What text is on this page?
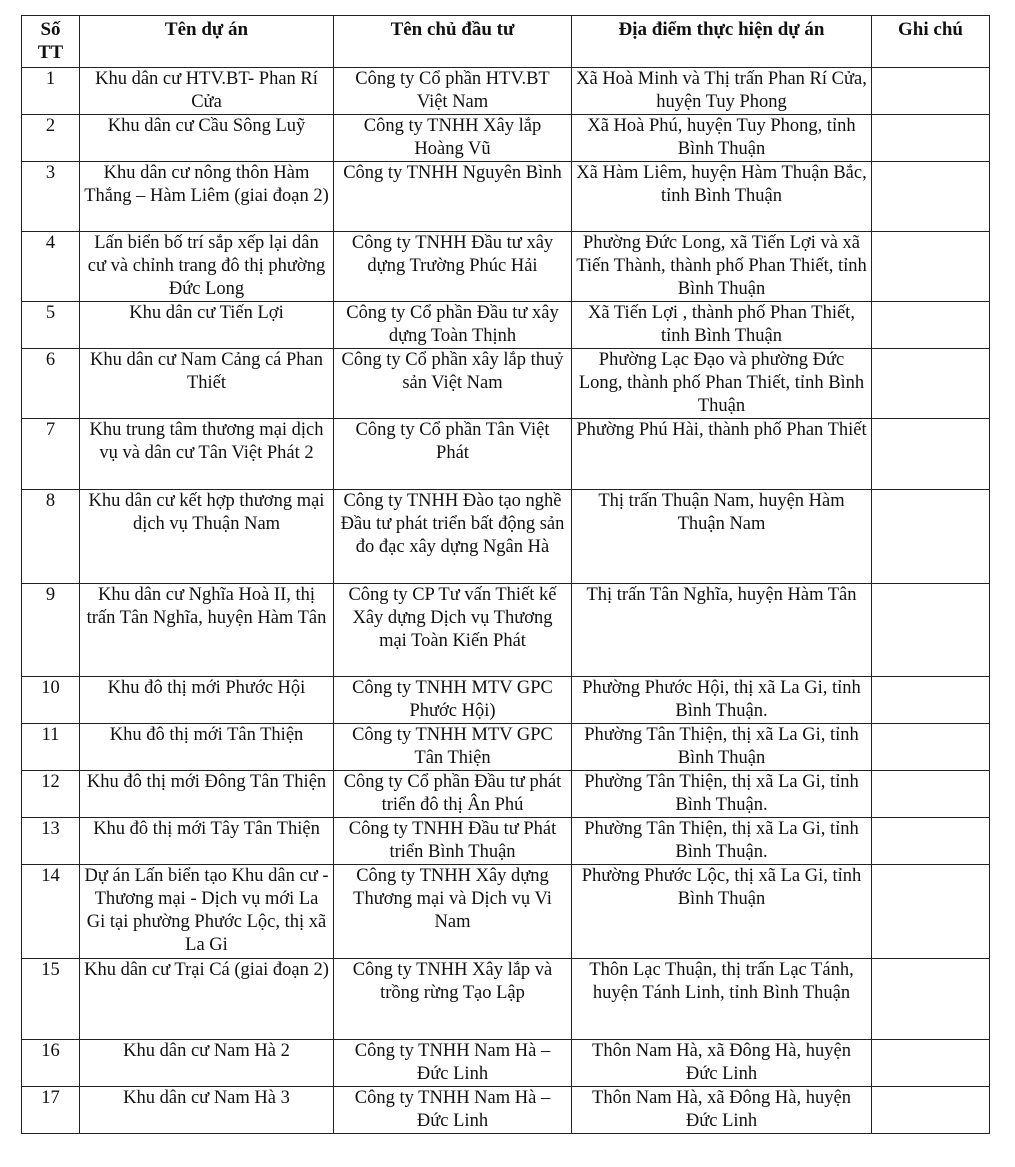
Số TT	Tên dự án	Tên chủ đầu tư	Địa điểm thực hiện dự án	Ghi chú
1	Khu dân cư HTV.BT- Phan Rí Cửa	Công ty Cổ phần HTV.BT Việt Nam	Xã Hoà Minh và Thị trấn Phan Rí Cửa, huyện Tuy Phong	
2	Khu dân cư Cầu Sông Luỹ	Công ty TNHH Xây lắp Hoàng Vũ	Xã Hoà Phú, huyện Tuy Phong, tỉnh Bình Thuận	
3	Khu dân cư nông thôn Hàm Thắng – Hàm Liêm (giai đoạn 2)	Công ty TNHH Nguyên Bình	Xã Hàm Liêm, huyện Hàm Thuận Bắc, tỉnh Bình Thuận	
4	Lấn biển bố trí sắp xếp lại dân cư và chỉnh trang đô thị phường Đức Long	Công ty TNHH Đầu tư xây dựng Trường Phúc Hải	Phường Đức Long, xã Tiến Lợi và xã Tiến Thành, thành phố Phan Thiết, tỉnh Bình Thuận	
5	Khu dân cư Tiến Lợi	Công ty Cổ phần Đầu tư xây dựng Toàn Thịnh	Xã Tiến Lợi , thành phố Phan Thiết, tỉnh Bình Thuận	
6	Khu dân cư Nam Cảng cá Phan Thiết	Công ty Cổ phần xây lắp thuỷ sản Việt Nam	Phường Lạc Đạo và phường Đức Long, thành phố Phan Thiết, tỉnh Bình Thuận	
7	Khu trung tâm thương mại dịch vụ và dân cư Tân Việt Phát 2	Công ty Cổ phần Tân Việt Phát	Phường Phú Hài, thành phố Phan Thiết	
8	Khu dân cư kết hợp thương mại dịch vụ Thuận Nam	Công ty TNHH Đào tạo nghề Đầu tư phát triển bất động sản đo đạc xây dựng Ngân Hà	Thị trấn Thuận Nam, huyện Hàm Thuận Nam	
9	Khu dân cư Nghĩa Hoà II, thị trấn Tân Nghĩa, huyện Hàm Tân	Công ty CP Tư vấn Thiết kế Xây dựng Dịch vụ Thương mại Toàn Kiến Phát	Thị trấn Tân Nghĩa, huyện Hàm Tân	
10	Khu đô thị mới Phước Hội	Công ty TNHH MTV GPC Phước Hội)	Phường Phước Hội, thị xã La Gi, tỉnh Bình Thuận.	
11	Khu đô thị mới Tân Thiện	Công ty TNHH MTV GPC Tân Thiện	Phường Tân Thiện, thị xã La Gi, tỉnh Bình Thuận	
12	Khu đô thị mới Đông Tân Thiện	Công ty Cổ phần Đầu tư phát triển đô thị Ân Phú	Phường Tân Thiện, thị xã La Gi, tỉnh Bình Thuận.	
13	Khu đô thị mới Tây Tân Thiện	Công ty TNHH Đầu tư Phát triển Bình Thuận	Phường Tân Thiện, thị xã La Gi, tỉnh Bình Thuận.	
14	Dự án Lấn biển tạo Khu dân cư - Thương mại - Dịch vụ mới La Gi tại phường Phước Lộc, thị xã La Gi	Công ty TNHH Xây dựng Thương mại và Dịch vụ Vi Nam	Phường Phước Lộc, thị xã La Gi, tỉnh Bình Thuận	
15	Khu dân cư Trại Cá (giai đoạn 2)	Công ty TNHH Xây lắp và trồng rừng Tạo Lập	Thôn Lạc Thuận, thị trấn Lạc Tánh, huyện Tánh Linh, tỉnh Bình Thuận	
16	Khu dân cư Nam Hà 2	Công ty TNHH Nam Hà – Đức Linh	Thôn Nam Hà, xã Đông Hà, huyện Đức Linh	
17	Khu dân cư Nam Hà 3	Công ty TNHH Nam Hà – Đức Linh	Thôn Nam Hà, xã Đông Hà, huyện Đức Linh	
